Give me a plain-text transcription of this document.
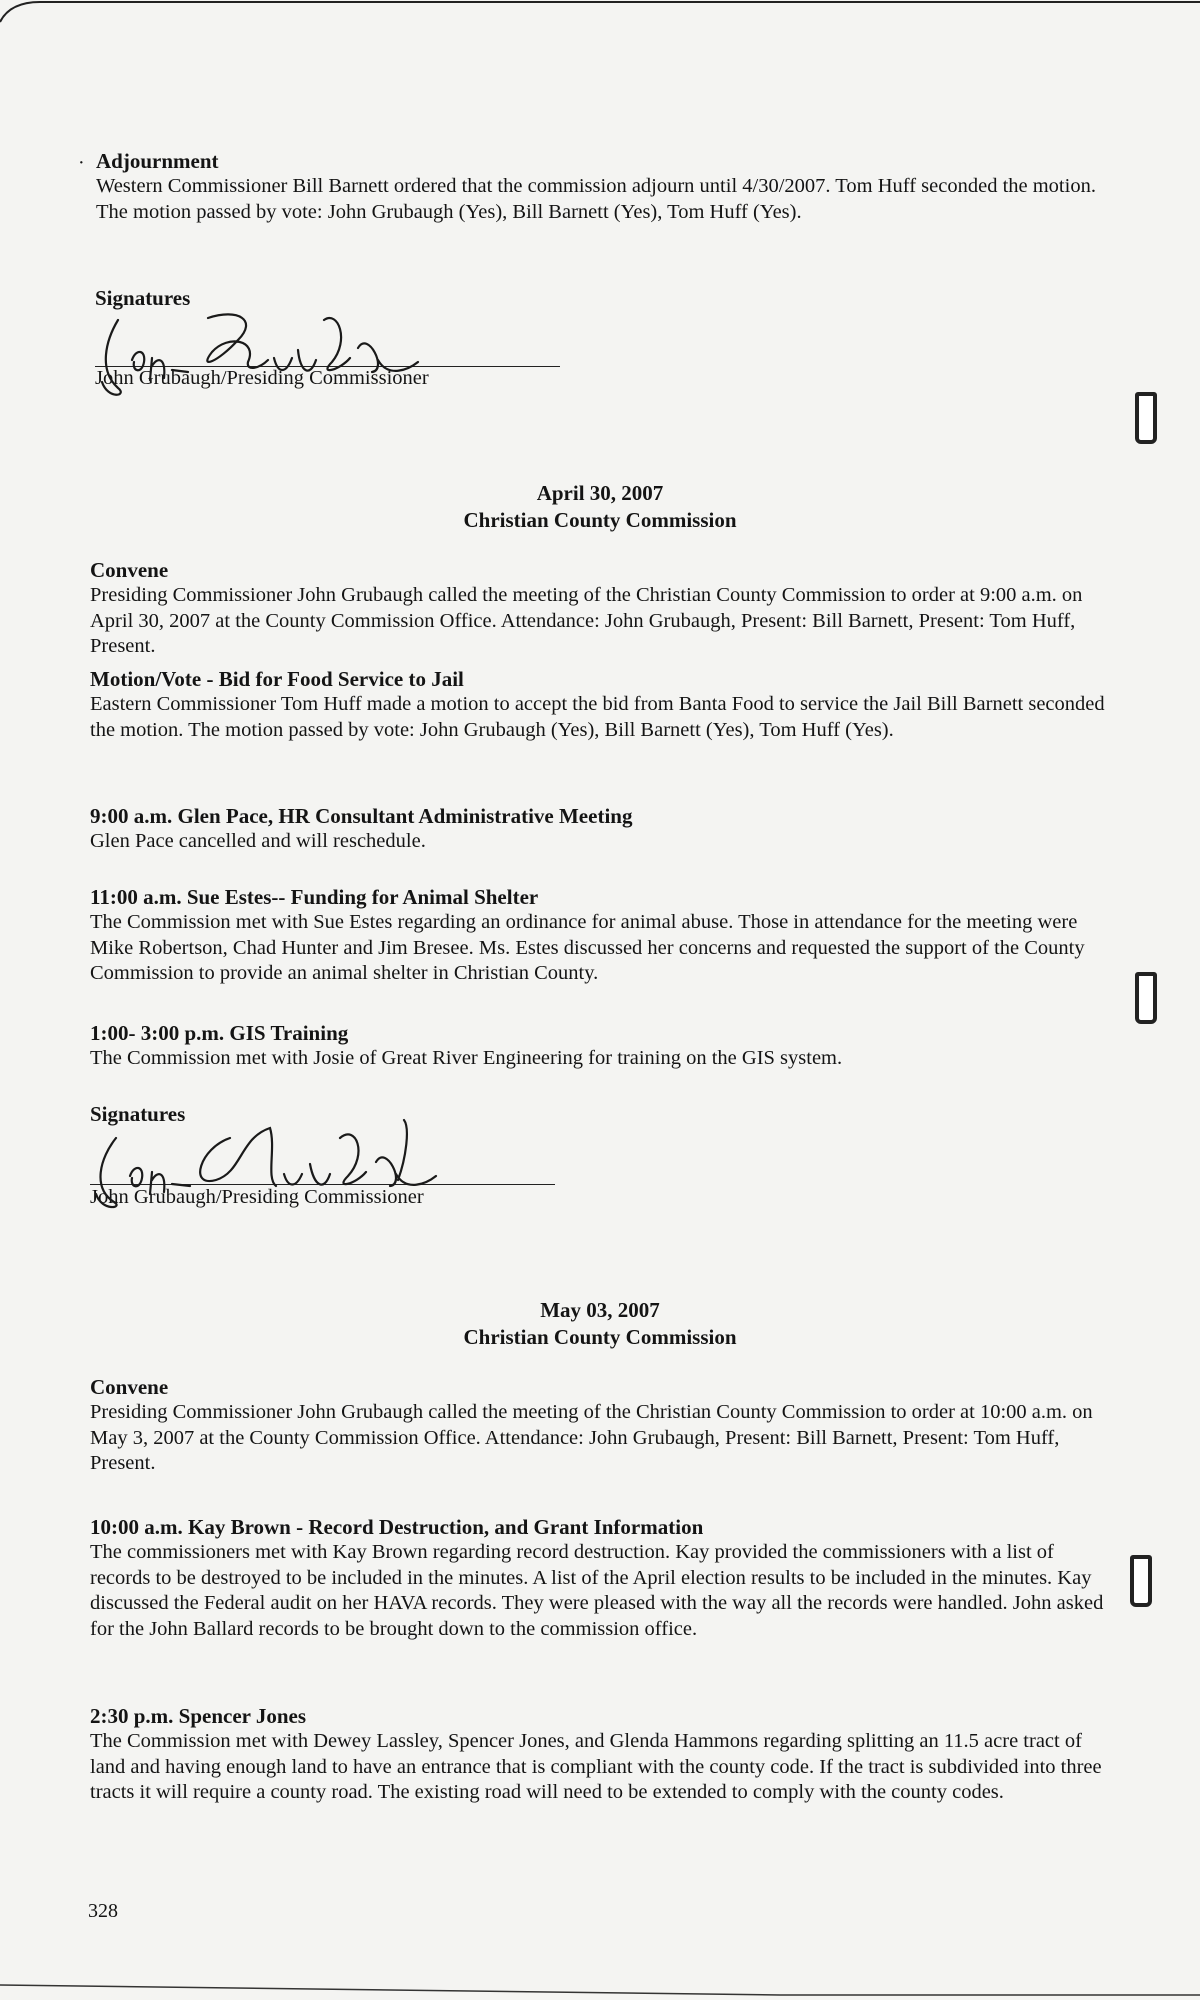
· Adjournment
Western Commissioner Bill Barnett ordered that the commission adjourn until 4/30/2007. Tom Huff seconded the motion. The motion passed by vote: John Grubaugh (Yes), Bill Barnett (Yes), Tom Huff (Yes).
Signatures
John Grubaugh/Presiding Commissioner
April 30, 2007
Christian County Commission
Convene
Presiding Commissioner John Grubaugh called the meeting of the Christian County Commission to order at 9:00 a.m. on April 30, 2007 at the County Commission Office. Attendance: John Grubaugh, Present: Bill Barnett, Present: Tom Huff, Present.
Motion/Vote - Bid for Food Service to Jail
Eastern Commissioner Tom Huff made a motion to accept the bid from Banta Food to service the Jail Bill Barnett seconded the motion. The motion passed by vote: John Grubaugh (Yes), Bill Barnett (Yes), Tom Huff (Yes).
9:00 a.m. Glen Pace, HR Consultant Administrative Meeting
Glen Pace cancelled and will reschedule.
11:00 a.m. Sue Estes-- Funding for Animal Shelter
The Commission met with Sue Estes regarding an ordinance for animal abuse. Those in attendance for the meeting were Mike Robertson, Chad Hunter and Jim Bresee. Ms. Estes discussed her concerns and requested the support of the County Commission to provide an animal shelter in Christian County.
1:00- 3:00 p.m. GIS Training
The Commission met with Josie of Great River Engineering for training on the GIS system.
Signatures
John Grubaugh/Presiding Commissioner
May 03, 2007
Christian County Commission
Convene
Presiding Commissioner John Grubaugh called the meeting of the Christian County Commission to order at 10:00 a.m. on May 3, 2007 at the County Commission Office. Attendance: John Grubaugh, Present: Bill Barnett, Present: Tom Huff, Present.
10:00 a.m. Kay Brown - Record Destruction, and Grant Information
The commissioners met with Kay Brown regarding record destruction. Kay provided the commissioners with a list of records to be destroyed to be included in the minutes. A list of the April election results to be included in the minutes. Kay discussed the Federal audit on her HAVA records. They were pleased with the way all the records were handled. John asked for the John Ballard records to be brought down to the commission office.
2:30 p.m. Spencer Jones
The Commission met with Dewey Lassley, Spencer Jones, and Glenda Hammons regarding splitting an 11.5 acre tract of land and having enough land to have an entrance that is compliant with the county code. If the tract is subdivided into three tracts it will require a county road. The existing road will need to be extended to comply with the county codes.
328
